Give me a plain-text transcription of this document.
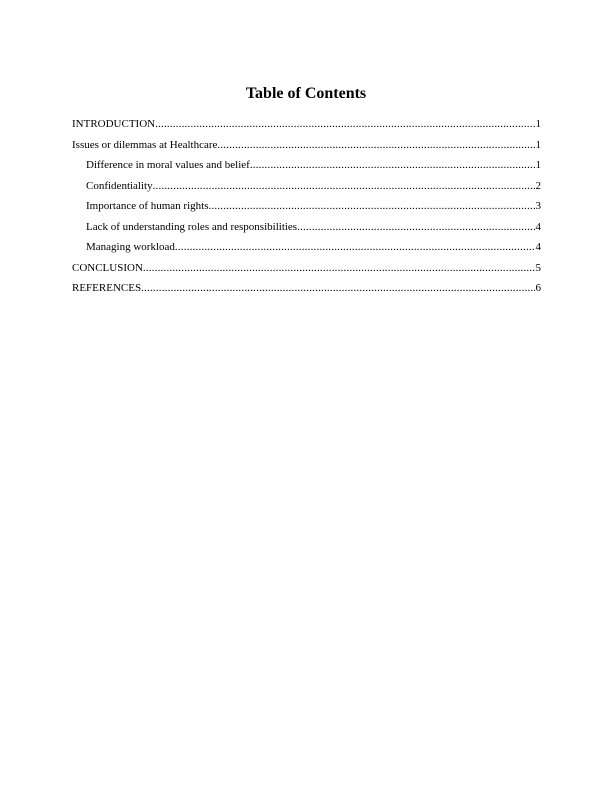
Table of Contents
INTRODUCTION .....	1
Issues or dilemmas at Healthcare .....	1
Difference in moral values and belief .....	1
Confidentiality .....	2
Importance of human rights .....	3
Lack of understanding roles and responsibilities .....	4
Managing workload .....	4
CONCLUSION .....	5
REFERENCES .....	6
